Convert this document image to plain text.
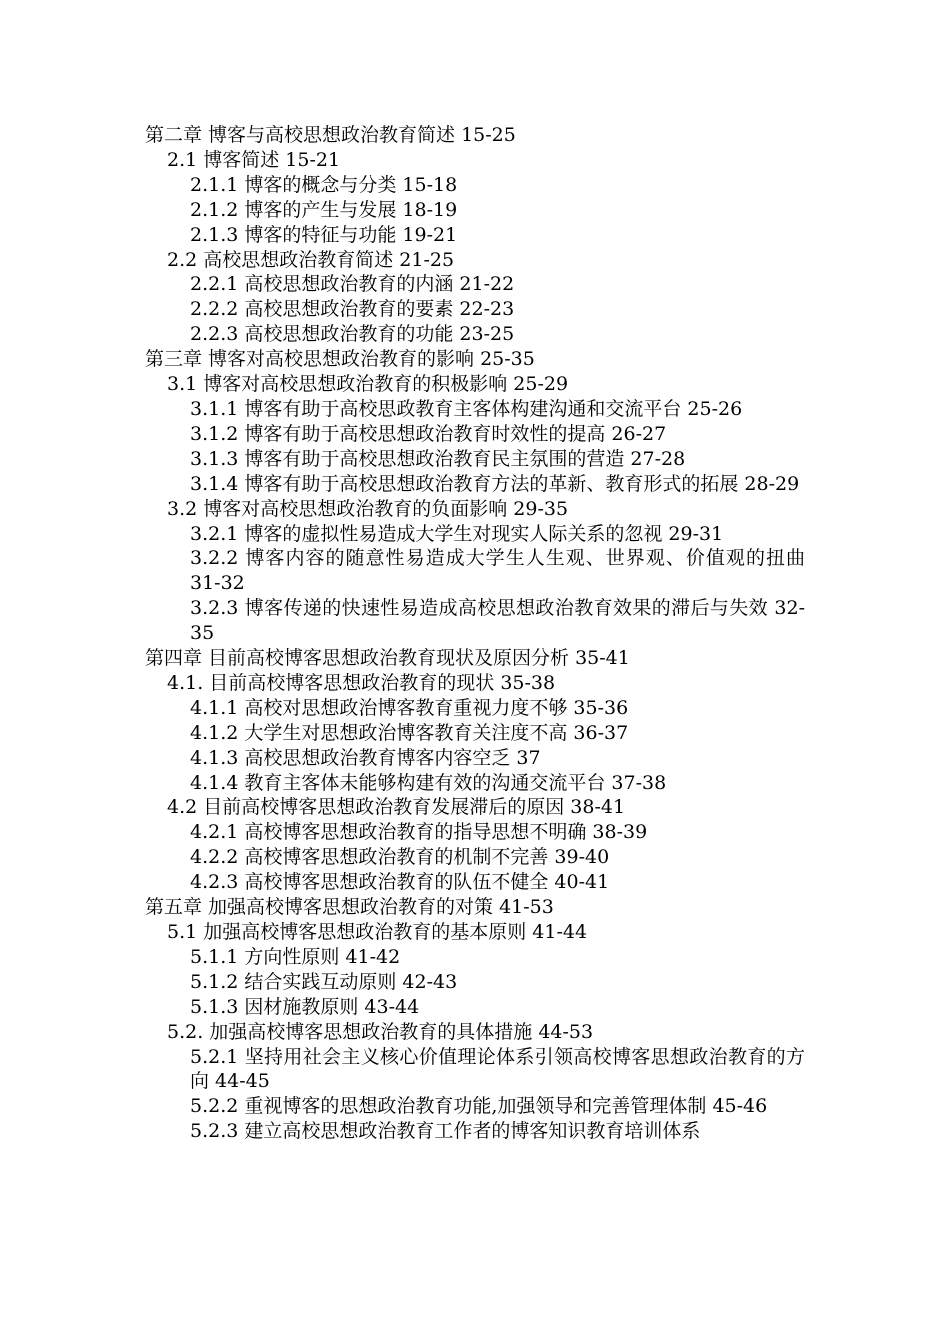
第二章 博客与高校思想政治教育简述 15-25
2.1 博客简述 15-21
2.1.1 博客的概念与分类 15-18
2.1.2 博客的产生与发展 18-19
2.1.3 博客的特征与功能 19-21
2.2 高校思想政治教育简述 21-25
2.2.1 高校思想政治教育的内涵 21-22
2.2.2 高校思想政治教育的要素 22-23
2.2.3 高校思想政治教育的功能 23-25
第三章 博客对高校思想政治教育的影响 25-35
3.1 博客对高校思想政治教育的积极影响 25-29
3.1.1 博客有助于高校思政教育主客体构建沟通和交流平台 25-26
3.1.2 博客有助于高校思想政治教育时效性的提高 26-27
3.1.3 博客有助于高校思想政治教育民主氛围的营造 27-28
3.1.4 博客有助于高校思想政治教育方法的革新、教育形式的拓展 28-29
3.2 博客对高校思想政治教育的负面影响 29-35
3.2.1 博客的虚拟性易造成大学生对现实人际关系的忽视 29-31
3.2.2 博客内容的随意性易造成大学生人生观、世界观、价值观的扭曲 31-32
3.2.3 博客传递的快速性易造成高校思想政治教育效果的滞后与失效 32-35
第四章 目前高校博客思想政治教育现状及原因分析 35-41
4.1. 目前高校博客思想政治教育的现状 35-38
4.1.1 高校对思想政治博客教育重视力度不够 35-36
4.1.2 大学生对思想政治博客教育关注度不高 36-37
4.1.3 高校思想政治教育博客内容空乏 37
4.1.4 教育主客体未能够构建有效的沟通交流平台 37-38
4.2 目前高校博客思想政治教育发展滞后的原因 38-41
4.2.1 高校博客思想政治教育的指导思想不明确 38-39
4.2.2 高校博客思想政治教育的机制不完善 39-40
4.2.3 高校博客思想政治教育的队伍不健全 40-41
第五章 加强高校博客思想政治教育的对策 41-53
5.1 加强高校博客思想政治教育的基本原则 41-44
5.1.1 方向性原则 41-42
5.1.2 结合实践互动原则 42-43
5.1.3 因材施教原则 43-44
5.2. 加强高校博客思想政治教育的具体措施 44-53
5.2.1 坚持用社会主义核心价值理论体系引领高校博客思想政治教育的方向 44-45
5.2.2 重视博客的思想政治教育功能,加强领导和完善管理体制 45-46
5.2.3 建立高校思想政治教育工作者的博客知识教育培训体系
